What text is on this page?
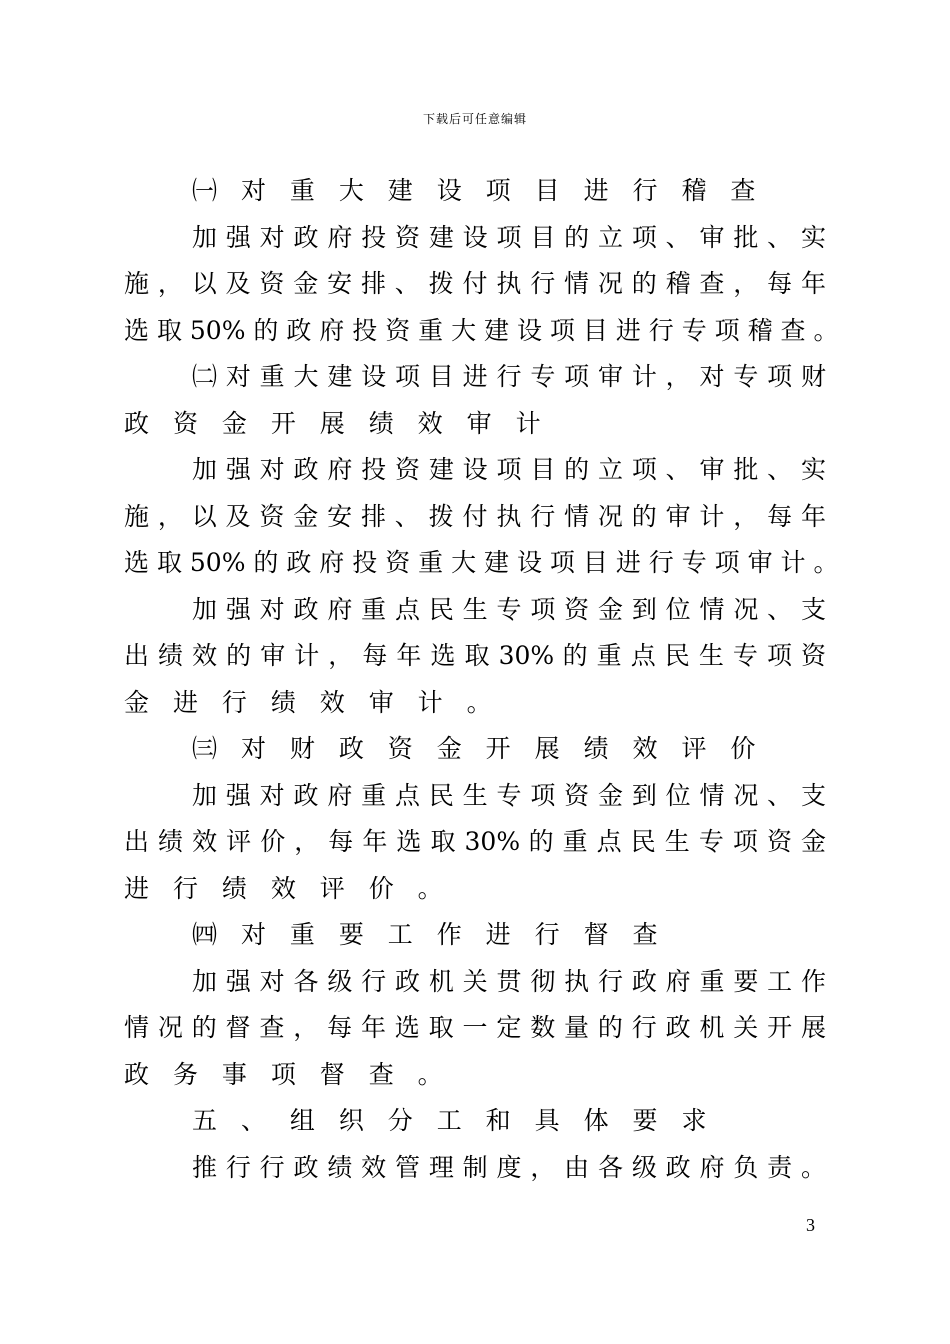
下载后可任意编辑
㈠ 对 重 大 建 设 项 目 进 行 稽 查
加 强 对 政 府 投 资 建 设 项 目 的 立 项 、 审 批 、 实
施 ， 以 及 资 金 安 排 、 拨 付 执 行 情 况 的 稽 查 ， 每 年
选 取 50% 的 政 府 投 资 重 大 建 设 项 目 进 行 专 项 稽 查 。
㈡ 对 重 大 建 设 项 目 进 行 专 项 审 计 ， 对 专 项 财
政 资 金 开 展 绩 效 审 计
加 强 对 政 府 投 资 建 设 项 目 的 立 项 、 审 批 、 实
施 ， 以 及 资 金 安 排 、 拨 付 执 行 情 况 的 审 计 ， 每 年
选 取 50% 的 政 府 投 资 重 大 建 设 项 目 进 行 专 项 审 计 。
加 强 对 政 府 重 点 民 生 专 项 资 金 到 位 情 况 、 支
出 绩 效 的 审 计 ， 每 年 选 取 30% 的 重 点 民 生 专 项 资
金 进 行 绩 效 审 计 。
㈢ 对 财 政 资 金 开 展 绩 效 评 价
加 强 对 政 府 重 点 民 生 专 项 资 金 到 位 情 况 、 支
出 绩 效 评 价 ， 每 年 选 取 30% 的 重 点 民 生 专 项 资 金
进 行 绩 效 评 价 。
㈣ 对 重 要 工 作 进 行 督 查
加 强 对 各 级 行 政 机 关 贯 彻 执 行 政 府 重 要 工 作
情 况 的 督 查 ， 每 年 选 取 一 定 数 量 的 行 政 机 关 开 展
政 务 事 项 督 查 。
五 、 组 织 分 工 和 具 体 要 求
推 行 行 政 绩 效 管 理 制 度 ， 由 各 级 政 府 负 责 。
3
